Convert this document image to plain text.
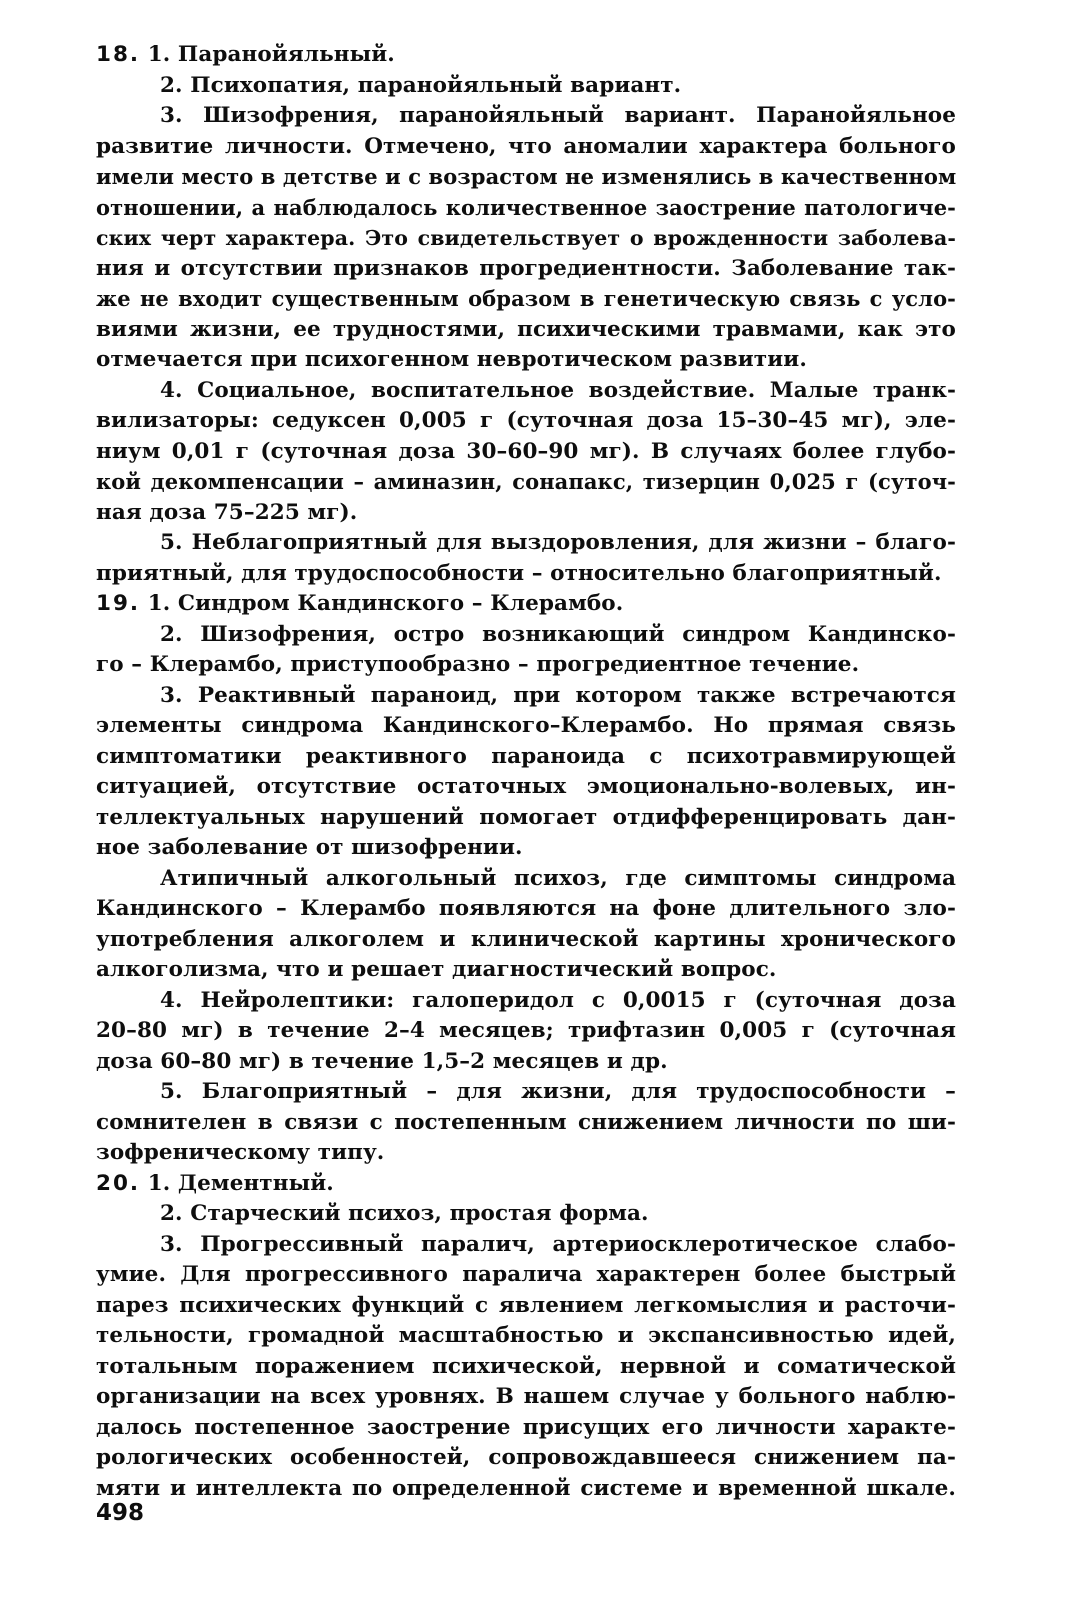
18. 1. Паранойяльный.
2. Психопатия, паранойяльный вариант.
3. Шизофрения, паранойяльный вариант. Паранойяльное
развитие личности. Отмечено, что аномалии характера больного
имели место в детстве и с возрастом не изменялись в качественном
отношении, а наблюдалось количественное заострение патологиче-
ских черт характера. Это свидетельствует о врожденности заболева-
ния и отсутствии признаков прогредиентности. Заболевание так-
же не входит существенным образом в генетическую связь с усло-
виями жизни, ее трудностями, психическими травмами, как это
отмечается при психогенном невротическом развитии.
4. Социальное, воспитательное воздействие. Малые транк-
вилизаторы: седуксен 0,005 г (суточная доза 15–30–45 мг), эле-
ниум 0,01 г (суточная доза 30–60–90 мг). В случаях более глубо-
кой декомпенсации – аминазин, сонапакс, тизерцин 0,025 г (суточ-
ная доза 75–225 мг).
5. Неблагоприятный для выздоровления, для жизни – благо-
приятный, для трудоспособности – относительно благоприятный.
19. 1. Синдром Кандинского – Клерамбо.
2. Шизофрения, остро возникающий синдром Кандинско-
го – Клерамбо, приступообразно – прогредиентное течение.
3. Реактивный параноид, при котором также встречаются
элементы синдрома Кандинского–Клерамбо. Но прямая связь
симптоматики реактивного параноида с психотравмирующей
ситуацией, отсутствие остаточных эмоционально-волевых, ин-
теллектуальных нарушений помогает отдифференцировать дан-
ное заболевание от шизофрении.
Атипичный алкогольный психоз, где симптомы синдрома
Кандинского – Клерамбо появляются на фоне длительного зло-
употребления алкоголем и клинической картины хронического
алкоголизма, что и решает диагностический вопрос.
4. Нейролептики: галоперидол с 0,0015 г (суточная доза
20–80 мг) в течение 2–4 месяцев; трифтазин 0,005 г (суточная
доза 60–80 мг) в течение 1,5–2 месяцев и др.
5. Благоприятный – для жизни, для трудоспособности –
сомнителен в связи с постепенным снижением личности по ши-
зофреническому типу.
20. 1. Дементный.
2. Старческий психоз, простая форма.
3. Прогрессивный паралич, артериосклеротическое слабо-
умие. Для прогрессивного паралича характерен более быстрый
парез психических функций с явлением легкомыслия и расточи-
тельности, громадной масштабностью и экспансивностью идей,
тотальным поражением психической, нервной и соматической
организации на всех уровнях. В нашем случае у больного наблю-
далось постепенное заострение присущих его личности характе-
рологических особенностей, сопровождавшееся снижением па-
мяти и интеллекта по определенной системе и временной шкале.
498
